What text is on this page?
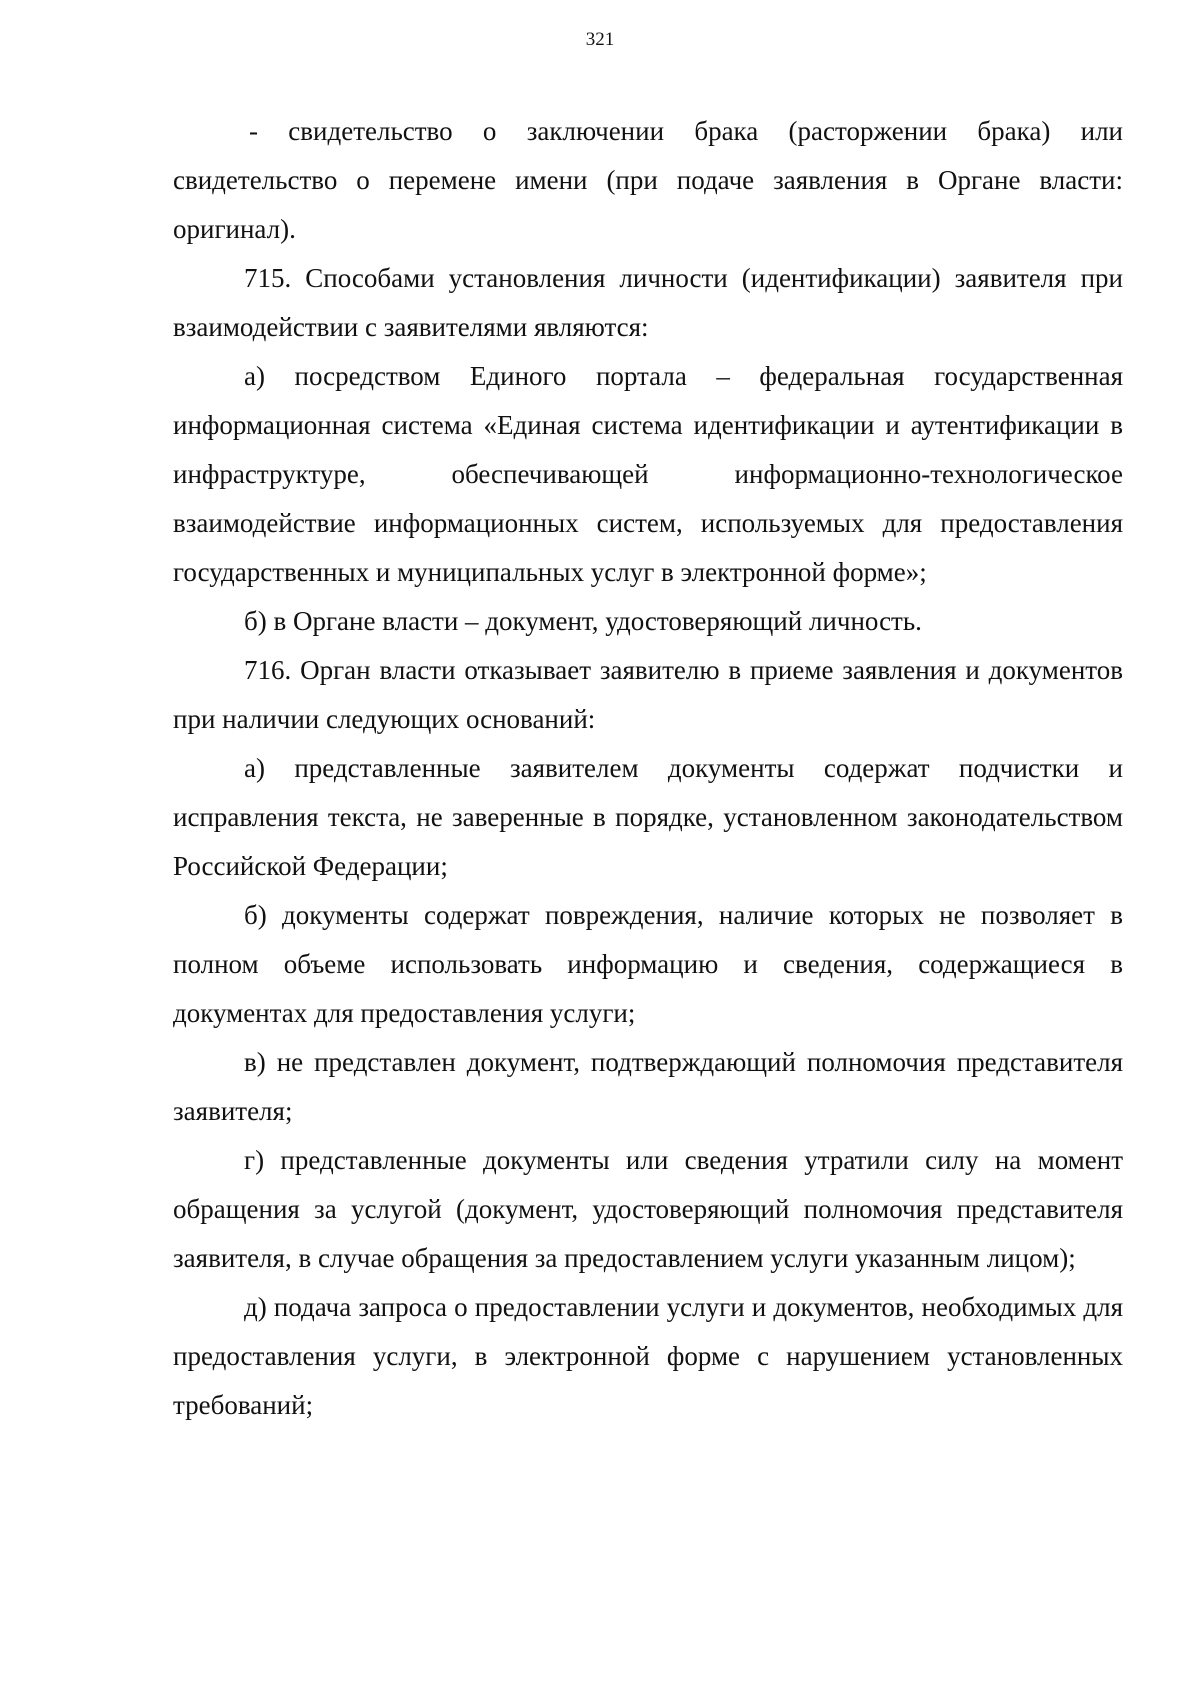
321

- свидетельство о заключении брака (расторжении брака) или свидетельство о перемене имени (при подаче заявления в Органе власти: оригинал).

715. Способами установления личности (идентификации) заявителя при взаимодействии с заявителями являются:

а) посредством Единого портала – федеральная государственная информационная система «Единая система идентификации и аутентификации в инфраструктуре, обеспечивающей информационно-технологическое взаимодействие информационных систем, используемых для предоставления государственных и муниципальных услуг в электронной форме»;

б) в Органе власти – документ, удостоверяющий личность.

716. Орган власти отказывает заявителю в приеме заявления и документов при наличии следующих оснований:

а) представленные заявителем документы содержат подчистки и исправления текста, не заверенные в порядке, установленном законодательством Российской Федерации;

б) документы содержат повреждения, наличие которых не позволяет в полном объеме использовать информацию и сведения, содержащиеся в документах для предоставления услуги;

в) не представлен документ, подтверждающий полномочия представителя заявителя;

г) представленные документы или сведения утратили силу на момент обращения за услугой (документ, удостоверяющий полномочия представителя заявителя, в случае обращения за предоставлением услуги указанным лицом);

д) подача запроса о предоставлении услуги и документов, необходимых для предоставления услуги, в электронной форме с нарушением установленных требований;
